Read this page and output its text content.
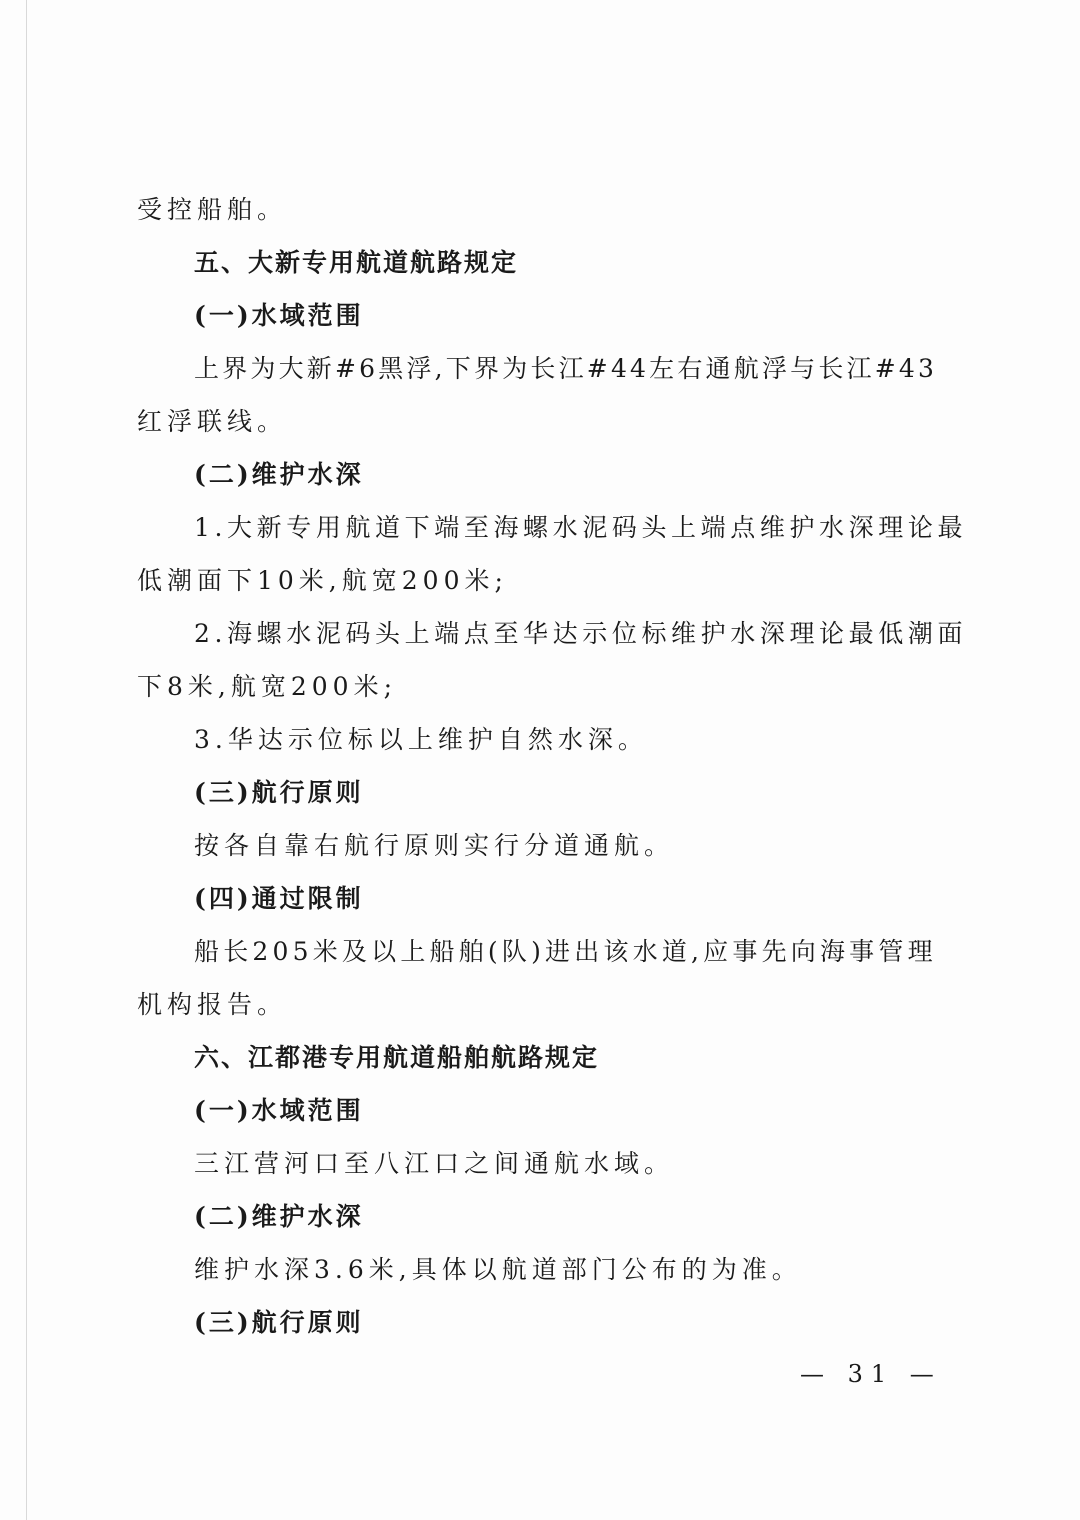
受控船舶。
五、大新专用航道航路规定
(一)水域范围
上界为大新#6黑浮,下界为长江#44左右通航浮与长江#43
红浮联线。
(二)维护水深
1.大新专用航道下端至海螺水泥码头上端点维护水深理论最
低潮面下10米,航宽200米;
2.海螺水泥码头上端点至华达示位标维护水深理论最低潮面
下8米,航宽200米;
3.华达示位标以上维护自然水深。
(三)航行原则
按各自靠右航行原则实行分道通航。
(四)通过限制
船长205米及以上船舶(队)进出该水道,应事先向海事管理
机构报告。
六、江都港专用航道船舶航路规定
(一)水域范围
三江营河口至八江口之间通航水域。
(二)维护水深
维护水深3.6米,具体以航道部门公布的为准。
(三)航行原则
— 31 —
